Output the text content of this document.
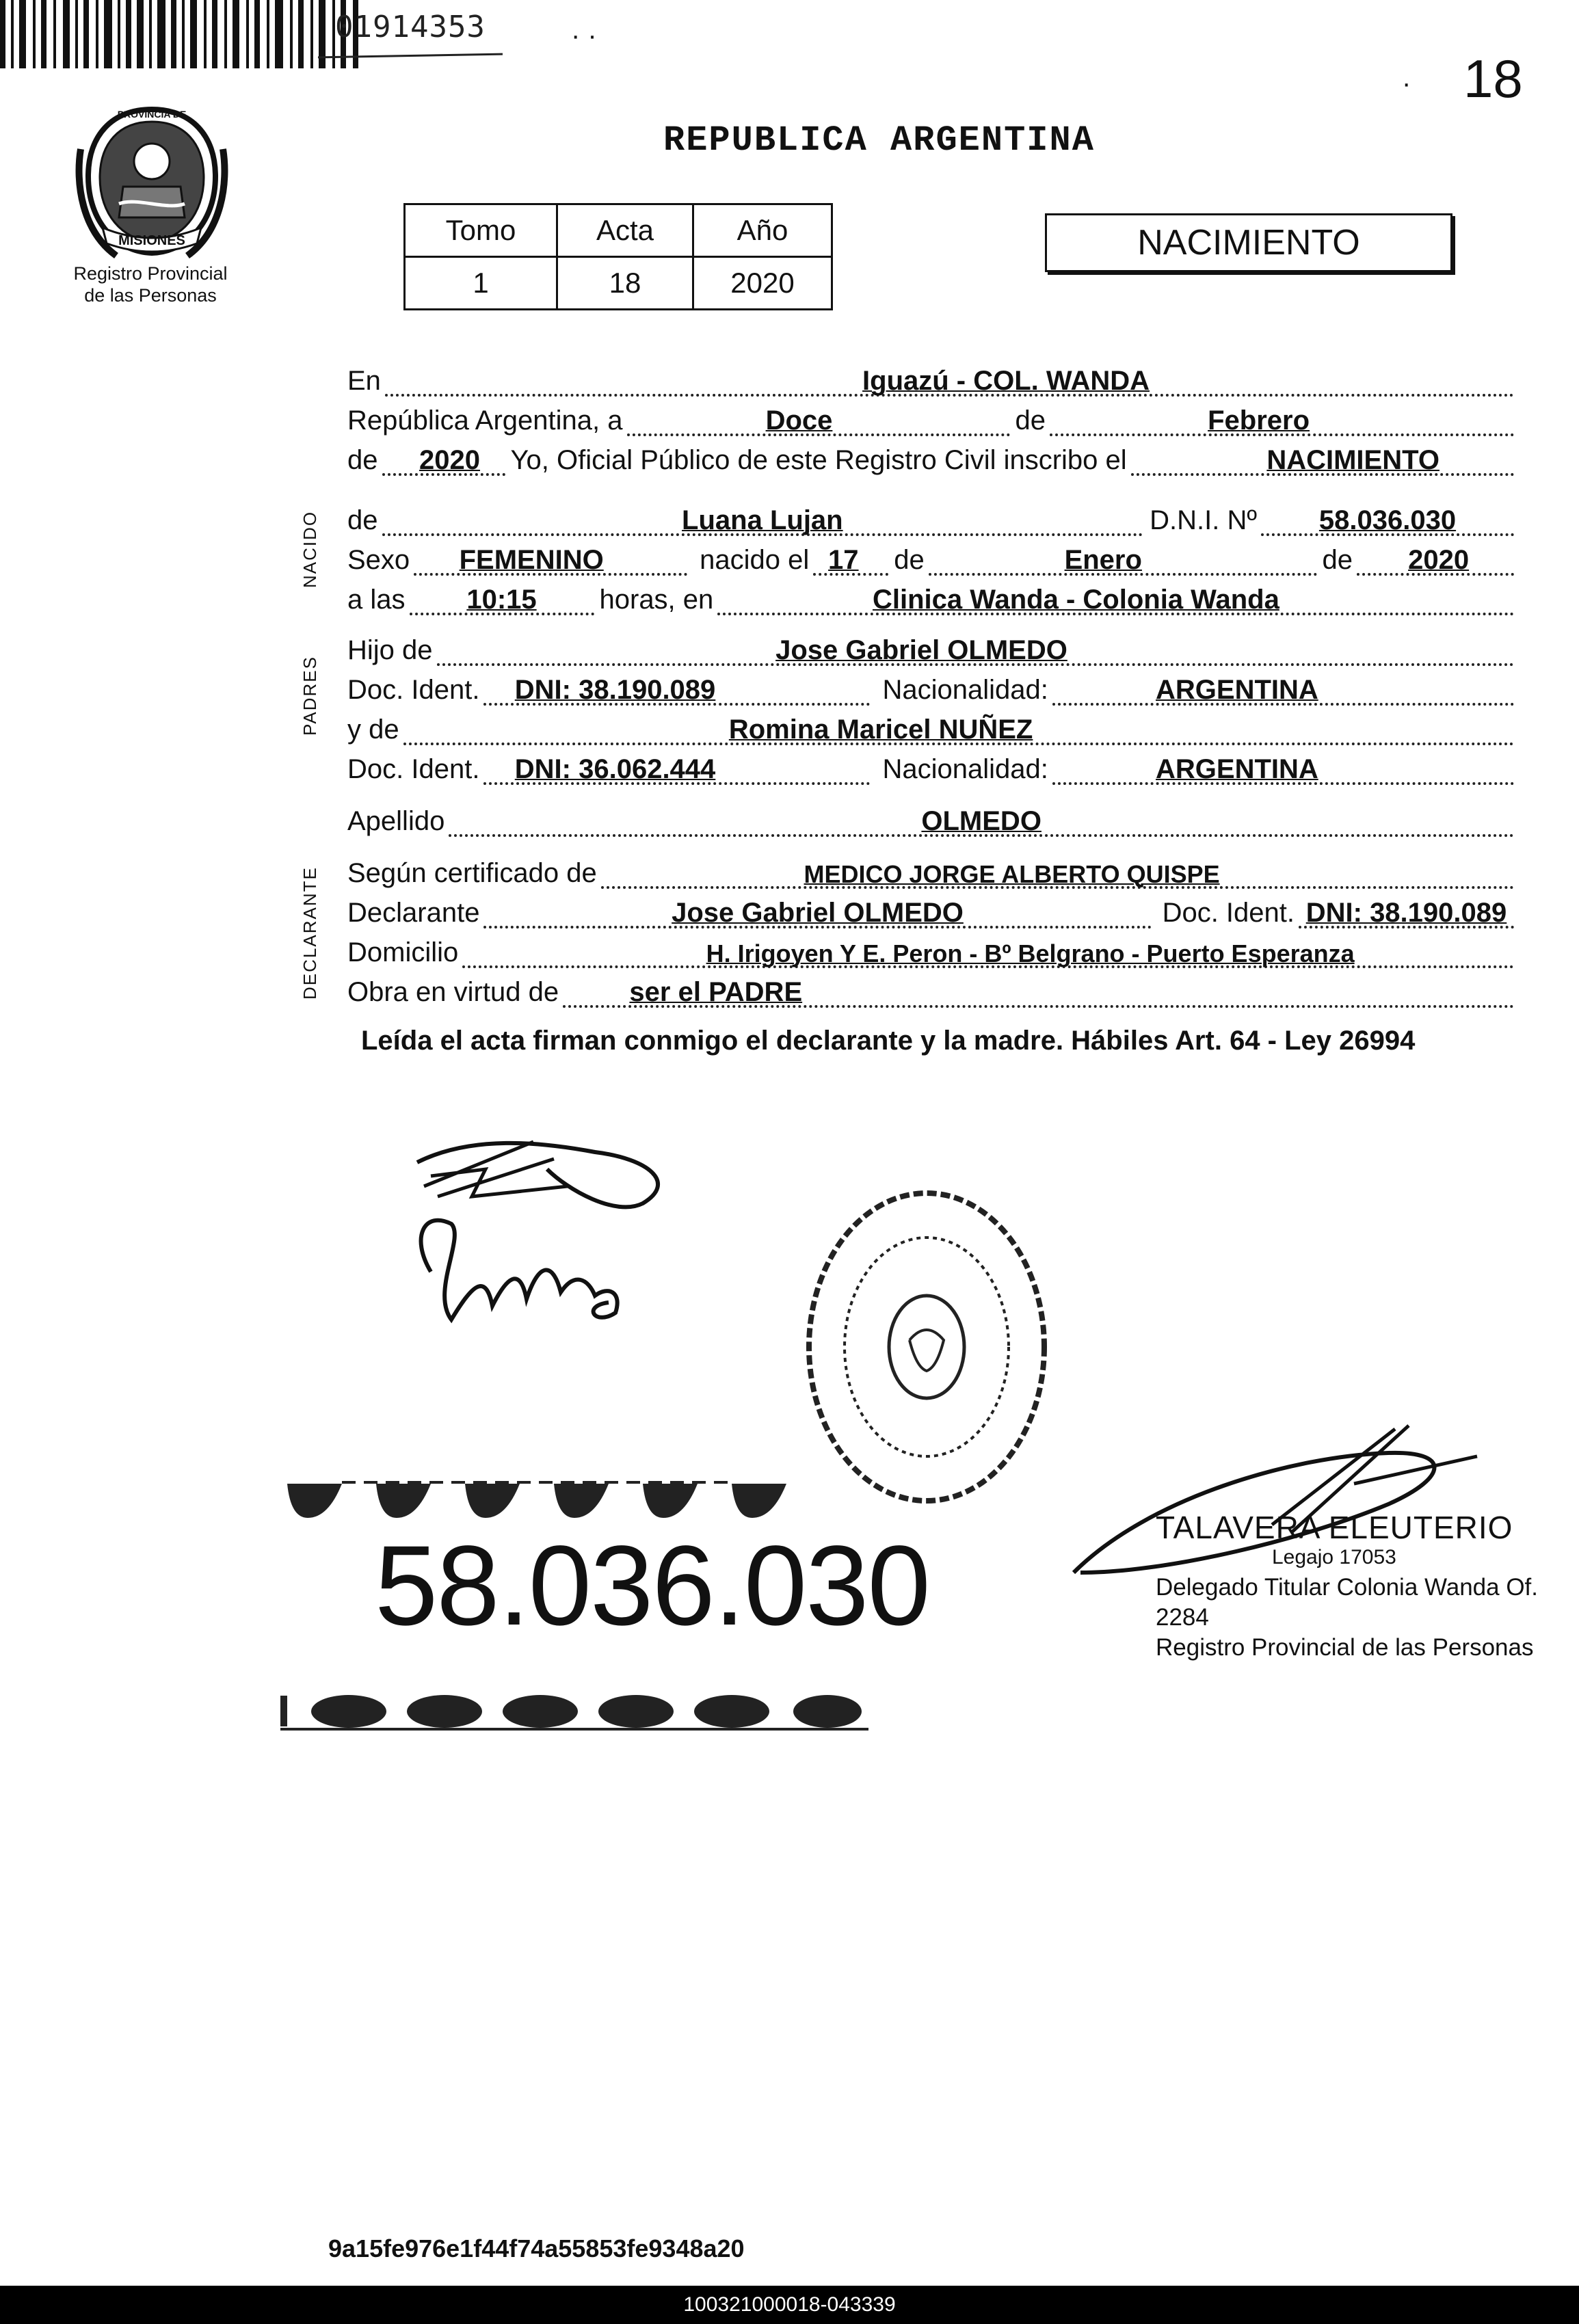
01914353	· ·
· 18
MISIONES
PROVINCIA DE
Registro Provincial
de las Personas
REPUBLICA ARGENTINA
Tomo	Acta	Año
1	18	2020
NACIMIENTO
NACIDO
PADRES
DECLARANTE
En	Iguazú - COL. WANDA
República Argentina, a	Doce	de	Febrero
de 2020 Yo, Oficial Público de este Registro Civil inscribo el	NACIMIENTO
de	Luana Lujan	D.N.I. Nº 58.036.030
Sexo FEMENINO	nacido el 17 de	Enero	de 2020
a las 10:15 horas, en	Clinica Wanda - Colonia Wanda
Hijo de	Jose Gabriel OLMEDO
Doc. Ident. DNI: 38.190.089	Nacionalidad:	ARGENTINA
y de	Romina Maricel NUÑEZ
Doc. Ident. DNI: 36.062.444	Nacionalidad:	ARGENTINA
Apellido	OLMEDO
Según certificado de	MEDICO JORGE ALBERTO QUISPE
Declarante	Jose Gabriel OLMEDO	Doc. Ident. DNI: 38.190.089
Domicilio	H. Irigoyen Y E. Peron - Bº Belgrano - Puerto Esperanza
Obra en virtud de	ser el PADRE
Leída el acta firman conmigo el declarante y la madre. Hábiles Art. 64 - Ley 26994
TALAVERA ELEUTERIO
Legajo 17053
Delegado Titular Colonia Wanda Of. 2284
Registro Provincial de las Personas
58.036.030
9a15fe976e1f44f74a55853fe9348a20
100321000018-043339
